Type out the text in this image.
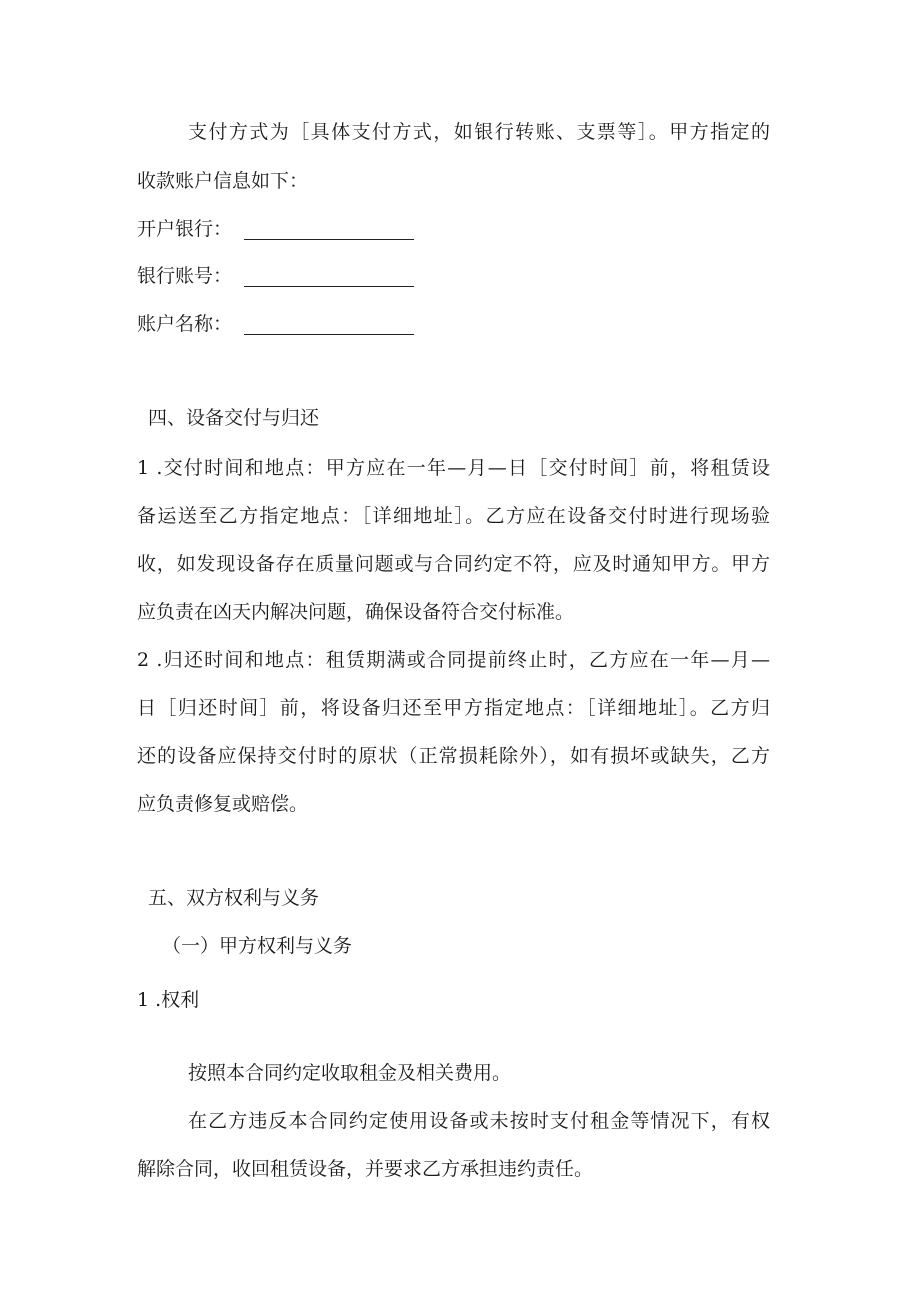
支付方式为［具体支付方式，如银行转账、支票等］。甲方指定的

收款账户信息如下：

开户银行：
银行账号：
账户名称：
四、设备交付与归还

1 .交付时间和地点：甲方应在一年—月—日［交付时间］前，将租赁设

备运送至乙方指定地点：［详细地址］。乙方应在设备交付时进行现场验

收，如发现设备存在质量问题或与合同约定不符，应及时通知甲方。甲方

应负责在凶天内解决问题，确保设备符合交付标准。

2 .归还时间和地点：租赁期满或合同提前终止时，乙方应在一年—月—

日［归还时间］前，将设备归还至甲方指定地点：［详细地址］。乙方归

还的设备应保持交付时的原状（正常损耗除外），如有损坏或缺失，乙方

应负责修复或赔偿。

五、双方权利与义务
（一）甲方权利与义务

1 .权利

按照本合同约定收取租金及相关费用。

在乙方违反本合同约定使用设备或未按时支付租金等情况下，有权

解除合同，收回租赁设备，并要求乙方承担违约责任。
